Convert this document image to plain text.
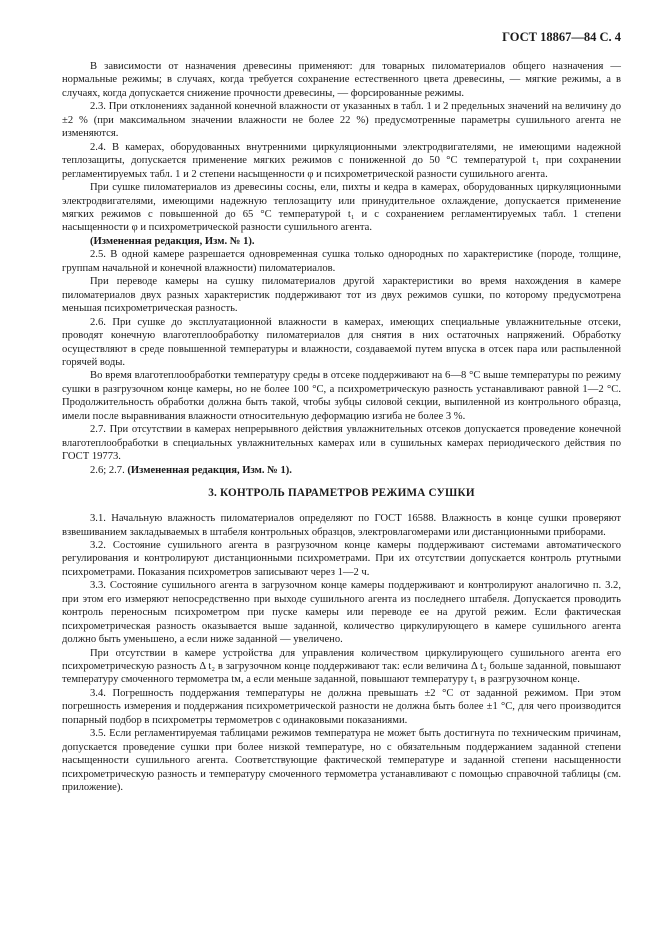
ГОСТ 18867—84 С. 4

В зависимости от назначения древесины применяют: для товарных пиломатериалов общего назначения — нормальные режимы; в случаях, когда требуется сохранение естественного цвета древесины, — мягкие режимы, а в случаях, когда допускается снижение прочности древесины, — форсированные режимы.

2.3. При отклонениях заданной конечной влажности от указанных в табл. 1 и 2 предельных значений на величину до ±2 % (при максимальном значении влажности не более 22 %) предусмотренные параметры сушильного агента не изменяются.

2.4. В камерах, оборудованных внутренними циркуляционными электродвигателями, не имеющими надежной теплозащиты, допускается применение мягких режимов с пониженной до 50 °С температурой t₁ при сохранении регламентируемых табл. 1 и 2 степени насыщенности φ и психрометрической разности сушильного агента.

При сушке пиломатериалов из древесины сосны, ели, пихты и кедра в камерах, оборудованных циркуляционными электродвигателями, имеющими надежную теплозащиту или принудительное охлаждение, допускается применение мягких режимов с повышенной до 65 °С температурой t₁ и с сохранением регламентируемых табл. 1 степени насыщенности φ и психрометрической разности сушильного агента.

(Измененная редакция, Изм. № 1).

2.5. В одной камере разрешается одновременная сушка только однородных по характеристике (породе, толщине, группам начальной и конечной влажности) пиломатериалов.

При переводе камеры на сушку пиломатериалов другой характеристики во время нахождения в камере пиломатериалов двух разных характеристик поддерживают тот из двух режимов сушки, по которому предусмотрена меньшая психрометрическая разность.

2.6. При сушке до эксплуатационной влажности в камерах, имеющих специальные увлажнительные отсеки, проводят конечную влаготеплообработку пиломатериалов для снятия в них остаточных напряжений. Обработку осуществляют в среде повышенной температуры и влажности, создаваемой путем впуска в отсек пара или распыленной горячей воды.

Во время влаготеплообработки температуру среды в отсеке поддерживают на 6—8 °С выше температуры по режиму сушки в разгрузочном конце камеры, но не более 100 °С, а психрометрическую разность устанавливают равной 1—2 °С. Продолжительность обработки должна быть такой, чтобы зубцы силовой секции, выпиленной из контрольного образца, имели после выравнивания влажности относительную деформацию изгиба не более 3 %.

2.7. При отсутствии в камерах непрерывного действия увлажнительных отсеков допускается проведение конечной влаготеплообработки в специальных увлажнительных камерах или в сушильных камерах периодического действия по ГОСТ 19773.

2.6; 2.7. (Измененная редакция, Изм. № 1).

3. КОНТРОЛЬ ПАРАМЕТРОВ РЕЖИМА СУШКИ

3.1. Начальную влажность пиломатериалов определяют по ГОСТ 16588. Влажность в конце сушки проверяют взвешиванием закладываемых в штабеля контрольных образцов, электровлагомерами или дистанционными приборами.

3.2. Состояние сушильного агента в разгрузочном конце камеры поддерживают системами автоматического регулирования и контролируют дистанционными психрометрами. При их отсутствии допускается контроль ртутными психрометрами. Показания психрометров записывают через 1—2 ч.

3.3. Состояние сушильного агента в загрузочном конце камеры поддерживают и контролируют аналогично п. 3.2, при этом его измеряют непосредственно при выходе сушильного агента из последнего штабеля. Допускается проводить контроль переносным психрометром при пуске камеры или переводе ее на другой режим. Если фактическая психрометрическая разность оказывается выше заданной, количество циркулирующего в камере сушильного агента должно быть уменьшено, а если ниже заданной — увеличено.

При отсутствии в камере устройства для управления количеством циркулирующего сушильного агента его психрометрическую разность Δ t₂ в загрузочном конце поддерживают так: если величина Δ t₂ больше заданной, повышают температуру смоченного термометра tм, а если меньше заданной, повышают температуру t₁ в разгрузочном конце.

3.4. Погрешность поддержания температуры не должна превышать ±2 °С от заданной режимом. При этом погрешность измерения и поддержания психрометрической разности не должна быть более ±1 °С, для чего производится попарный подбор в психрометры термометров с одинаковыми показаниями.

3.5. Если регламентируемая таблицами режимов температура не может быть достигнута по техническим причинам, допускается проведение сушки при более низкой температуре, но с обязательным поддержанием заданной степени насыщенности сушильного агента. Соответствующие фактической температуре и заданной степени насыщенности психрометрическую разность и температуру смоченного термометра устанавливают с помощью справочной таблицы (см. приложение).
